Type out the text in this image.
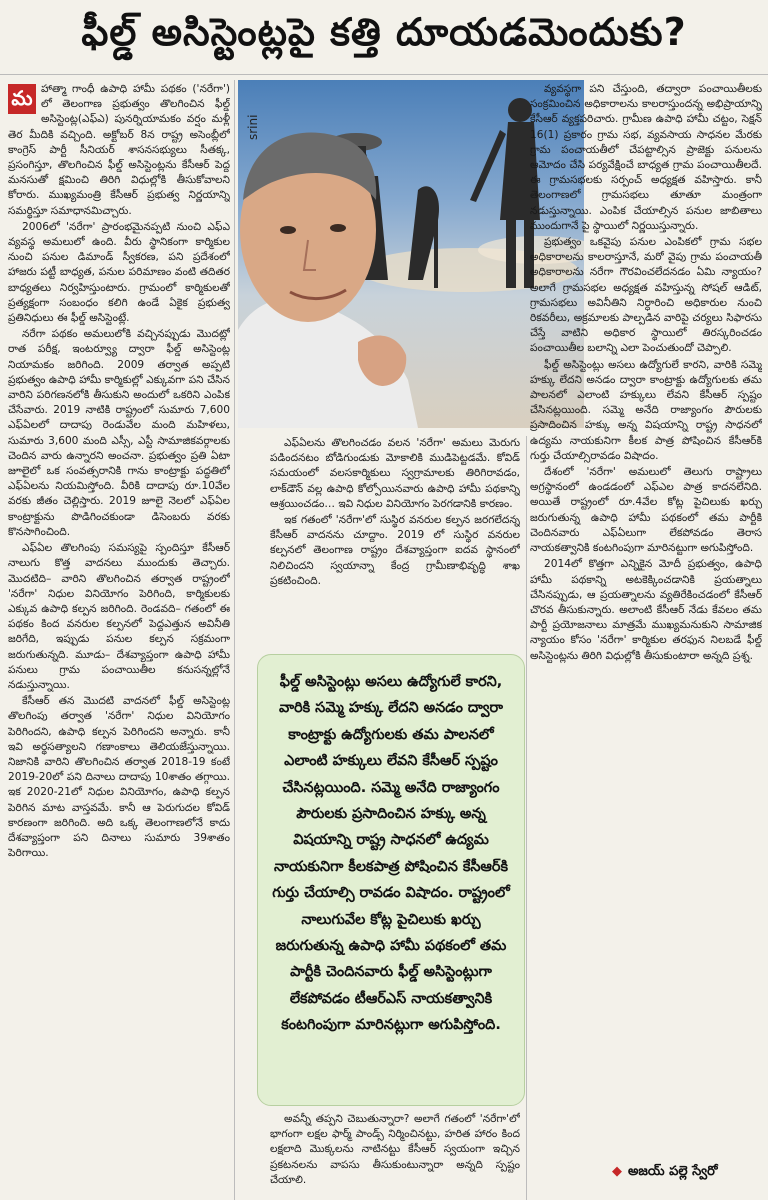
ఫీల్డ్ అసిస్టెంట్లపై కత్తి దూయడమెందుకు?
మ హాత్మా గాంధీ ఉపాధి హామీ పథకం ('నరేగా') లో తెలంగాణ ప్రభుత్వం తొలగించిన ఫీల్డ్ అసిస్టెంట్ల(ఎఫ్ఎ) పునర్నియామకం వర్షం మళ్లీ తెర మీదికి వచ్చింది. అక్టోబర్ 8న రాష్ట్ర అసెంబ్లీలో కాంగ్రెస్ పార్టీ సీనియర్ శాసనసభ్యులు సీతక్క, ప్రసంగిస్తూ, తొలగించిన ఫీల్డ్ అసిస్టెంట్లను కేసీఆర్ పెద్ద మనసుతో క్షమించి తిరిగి విధుల్లోకి తీసుకోవాలని కోరారు. ముఖ్యమంత్రి కేసీఆర్ ప్రభుత్వ నిర్ణయాన్ని సమర్థిస్తూ సమాధానమిచ్చారు.

2006లో 'నరేగా' ప్రారంభమైనప్పటి నుంచి ఎఫ్ఎ వ్యవస్థ అమలులో ఉంది. వీరు స్థానికంగా కార్మికుల నుంచి పనుల డిమాండ్ స్వీకరణ, పని ప్రదేశంలో హాజరు పట్టీ బాధ్యత, పనుల పరిమాణం వంటి తదితర బాధ్యతలు నిర్వహిస్తుంటారు. గ్రామంలో కార్మికులతో ప్రత్యక్షంగా సంబంధం కలిగి ఉండే ఏకైక ప్రభుత్వ ప్రతినిధులు ఈ ఫీల్డ్ అసిస్టెంట్లే.

నరేగా పథకం అమలులోకి వచ్చినప్పుడు మొదట్లో రాత పరీక్ష, ఇంటర్వ్యూ ద్వారా ఫీల్డ్ అసిస్టెంట్ల నియామకం జరిగింది. 2009 తర్వాత అప్పటి ప్రభుత్వం ఉపాధి హామీ కార్మికుల్లో ఎక్కువగా పని చేసిన వారిని పరిగణనలోకి తీసుకుని అందులో ఒకరిని ఎంపిక చేసేవారు. 2019 నాటికి రాష్ట్రంలో సుమారు 7,600 ఎఫ్ఏలలో దాదాపు రెండువేల మంది మహిళలు, సుమారు 3,600 మంది ఎస్సీ, ఎస్టీ సామాజికవర్గాలకు చెందిన వారు ఉన్నారని అంచనా. ప్రభుత్వం ప్రతి ఏటా జూలైలో ఒక సంవత్సరానికి గాను కాంట్రాక్టు పద్ధతిలో ఎఫ్ఏలను నియమిస్తోంది. వీరికి దాదాపు రూ.10వేల వరకు జీతం చెల్లిస్తారు. 2019 జూలై నెలలో ఎఫ్ఏల కాంట్రాక్టును పొడిగించకుండా డిసెంబరు వరకు కొనసాగించింది.

ఎఫ్ఏల తొలగింపు సమస్యపై స్పందిస్తూ కేసీఆర్ నాలుగు కొత్త వాదనలు ముందుకు తెచ్చారు. మొదటిది– వారిని తొలగించిన తర్వాత రాష్ట్రంలో 'నరేగా' నిధుల వినియోగం పెరిగింది, కార్మికులకు ఎక్కువ ఉపాధి కల్పన జరిగింది. రెండవది– గతంలో ఈ పథకం కింద వనరుల కల్పనలో పెద్దఎత్తున అవినీతి జరిగేది, ఇప్పుడు పనుల కల్పన సక్రమంగా జరుగుతున్నది. మూడు– దేశవ్యాప్తంగా ఉపాధి హామీ పనులు గ్రామ పంచాయితీల కనుసన్నల్లోనే నడుస్తున్నాయి.

కేసీఆర్ తన మొదటి వాదనలో ఫీల్డ్ అసిస్టెంట్ల తొలగింపు తర్వాత 'నరేగా' నిధుల వినియోగం పెరిగిందని, ఉపాధి కల్పన పెరిగిందని అన్నారు. కానీ ఇవి అర్థసత్యాలని గణాంకాలు తెలియజేస్తున్నాయి. నిజానికి వారిని తొలగించిన తర్వాత 2018-19 కంటే 2019-20లో పని దినాలు దాదాపు 10శాతం తగ్గాయి. ఇక 2020-21లో నిధుల వినియోగం, ఉపాధి కల్పన పెరిగిన మాట వాస్తవమే. కానీ ఆ పెరుగుదల కోవిడ్ కారణంగా జరిగింది. అది ఒక్క తెలంగాణలోనే కాదు దేశవ్యాప్తంగా పని దినాలు సుమారు 39శాతం పెరిగాయి.

srini

ఎఫ్ఏలను తొలగించడం వలన 'నరేగా' అమలు మెరుగు పడిందనటం బోడిగుండుకు మోకాలికి ముడిపెట్టడమే. కోవిడ్ సమయంలో వలసకార్మికులు స్వగ్రామాలకు తిరిగిరావడం, లాక్‌డౌన్ వల్ల ఉపాధి కోల్పోయినవారు ఉపాధి హామీ పథకాన్ని ఆశ్రయించడం… ఇవి నిధుల వినియోగం పెరగడానికి కారణం.

ఇక గతంలో 'నరేగా'లో సుస్థిర వనరుల కల్పన జరగలేదన్న కేసీఆర్ వాదనను చూద్దాం. 2019 లో సుస్థిర వనరుల కల్పనలో తెలంగాణ రాష్ట్రం దేశవ్యాప్తంగా ఐదవ స్థానంలో నిలిచిందని స్వయాన్నా కేంద్ర గ్రామీణాభివృద్ధి శాఖ ప్రకటించింది.

ఫీల్డ్ అసిస్టెంట్లు అసలు ఉద్యోగులే కారని, వారికి సమ్మె హక్కు లేదని అనడం ద్వారా కాంట్రాక్టు ఉద్యోగులకు తమ పాలనలో ఎలాంటి హక్కులు లేవని కేసీఆర్ స్పష్టం చేసినట్లయింది. సమ్మె అనేది రాజ్యాంగం పౌరులకు ప్రసాదించిన హక్కు అన్న విషయాన్ని రాష్ట్ర సాధనలో ఉద్యమ నాయకునిగా కీలకపాత్ర పోషించిన కేసీఆర్‌కి గుర్తు చేయాల్సి రావడం విషాదం. రాష్ట్రంలో నాలుగువేల కోట్ల పైచిలుకు ఖర్చు జరుగుతున్న ఉపాధి హామీ పథకంలో తమ పార్టీకి చెందినవారు ఫీల్డ్ అసిస్టెంట్లుగా లేకపోవడం టీఆర్ఎస్ నాయకత్వానికి కంటగింపుగా మారినట్లుగా అగుపిస్తోంది.

అవన్నీ తప్పని చెబుతున్నారా? అలాగే గతంలో 'నరేగా'లో భాగంగా లక్షల ఫార్మ్ పాండ్స్ నిర్మించినట్టు, హరిత హారం కింద లక్షలాది మొక్కలను నాటినట్టు కేసీఆర్ స్వయంగా ఇచ్చిన ప్రకటనలను వాపసు తీసుకుంటున్నారా అన్నది స్పష్టం చేయాలి.

వ్యవస్థగా పని చేస్తుంది, తద్వారా పంచాయితీలకు సంక్రమించిన అధికారాలను కాలరాస్తుందన్న అభిప్రాయాన్ని కేసీఆర్ వ్యక్తపరిచారు. గ్రామీణ ఉపాధి హామీ చట్టం, సెక్షన్ 16(1) ప్రకారం గ్రామ సభ, వ్యవసాయ సాధనల మేరకు గ్రామ పంచాయతీలో చేపట్టాల్సిన ప్రాజెక్టు పనులను ఆమోదం చేసి పర్యవేక్షించే బాధ్యత గ్రామ పంచాయితీలదే. ఈ గ్రామసభలకు సర్పంచ్ అధ్యక్షత వహిస్తారు. కానీ తెలంగాణలో గ్రామసభలు తూతూ మంత్రంగా నడుస్తున్నాయి. ఎంపిక చేయాల్సిన పనుల జాబితాలు ముందుగానే పై స్థాయిలో నిర్ణయిస్తున్నారు.

ప్రభుత్వం ఒకవైపు పనుల ఎంపికలో గ్రామ సభల అధికారాలను కాలరాస్తూనే, మరో వైపు గ్రామ పంచాయతీ అధికారాలను నరేగా గౌరవించలేదనడం ఏమి న్యాయం? అలాగే గ్రామసభల అధ్యక్షత వహిస్తున్న సోషల్ ఆడిట్, గ్రామసభలు అవినీతిని నిర్ధారించి అధికారుల నుంచి రికవరీలు, అక్రమాలకు పాల్పడిన వారిపై చర్యలు సిఫారసు చేస్తే వాటిని అధికార స్థాయిలో తిరస్కరించడం పంచాయితీల బలాన్ని ఎలా పెంచుతుందో చెప్పాలి.

ఫీల్డ్ అసిస్టెంట్లు అసలు ఉద్యోగులే కారని, వారికి సమ్మె హక్కు లేదని అనడం ద్వారా కాంట్రాక్టు ఉద్యోగులకు తమ పాలనలో ఎలాంటి హక్కులు లేవని కేసీఆర్ స్పష్టం చేసినట్లయింది. సమ్మె అనేది రాజ్యాంగం పౌరులకు ప్రసాదించిన హక్కు అన్న విషయాన్ని రాష్ట్ర సాధనలో ఉద్యమ నాయకునిగా కీలక పాత్ర పోషించిన కేసీఆర్‌కి గుర్తు చేయాల్సిరావడం విషాదం.

దేశంలో 'నరేగా' అమలులో తెలుగు రాష్ట్రాలు అగ్రస్థానంలో ఉండడంలో ఎఫ్ఎల పాత్ర కాదనలేనిది. అయితే రాష్ట్రంలో రూ.4వేల కోట్ల పైచిలుకు ఖర్చు జరుగుతున్న ఉపాధి హామీ పథకంలో తమ పార్టీకి చెందినవారు ఎఫ్ఏలుగా లేకపోవడం తెరాస నాయకత్వానికి కంటగింపుగా మారినట్టుగా అగుపిస్తోంది.

2014లో కొత్తగా ఎన్నికైన మోదీ ప్రభుత్వం, ఉపాధి హామీ పథకాన్ని అటకెక్కించడానికి ప్రయత్నాలు చేసినప్పుడు, ఆ ప్రయత్నాలను వ్యతిరేకించడంలో కేసీఆర్ చొరవ తీసుకున్నారు. అలాంటి కేసీఆర్ నేడు కేవలం తమ పార్టీ ప్రయోజనాలు మాత్రమే ముఖ్యమనుకుని సామాజిక న్యాయం కోసం 'నరేగా' కార్మికుల తరఫున నిలబడే ఫీల్డ్ అసిస్టెంట్లను తిరిగి విధుల్లోకి తీసుకుంటారా అన్నది ప్రశ్న.

◆ అజయ్ పల్లె స్వేరో
